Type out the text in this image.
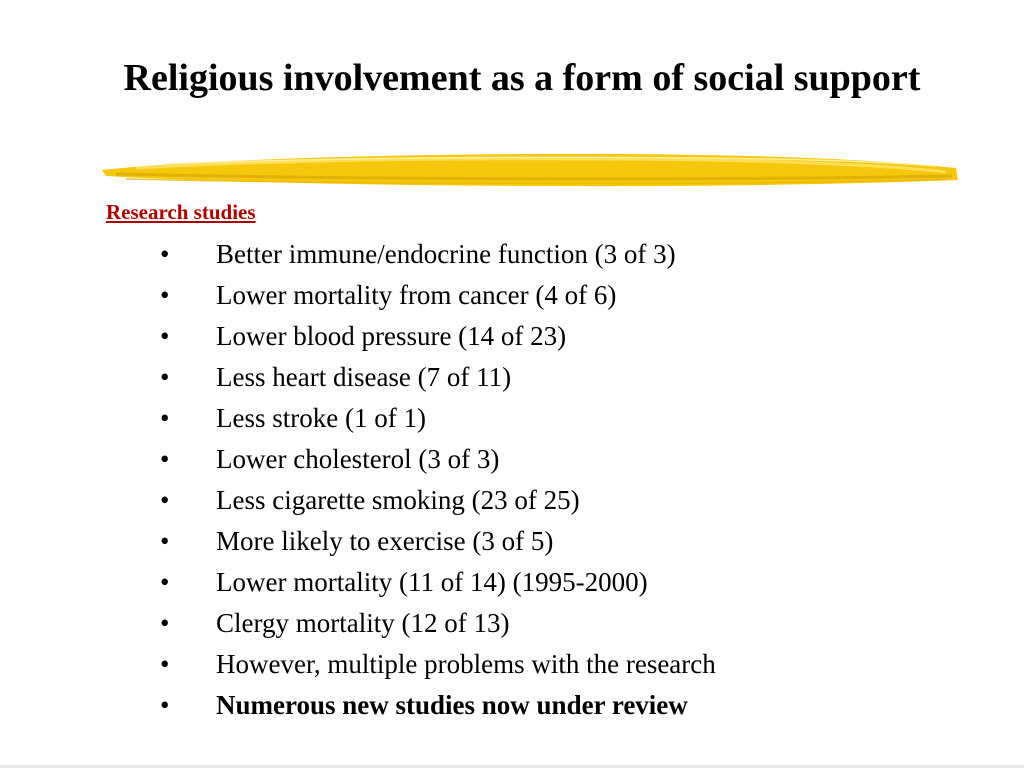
Religious involvement as a form of social support
Research studies
•	Better immune/endocrine function (3 of 3)
•	Lower mortality from cancer (4 of 6)
•	Lower blood pressure (14 of 23)
•	Less heart disease (7 of 11)
•	Less stroke (1 of 1)
•	Lower cholesterol (3 of 3)
•	Less cigarette smoking (23 of 25)
•	More likely to exercise (3 of 5)
•	Lower mortality (11 of 14) (1995-2000)
•	Clergy mortality (12 of 13)
•	However, multiple problems with the research
•	Numerous new studies now under review
